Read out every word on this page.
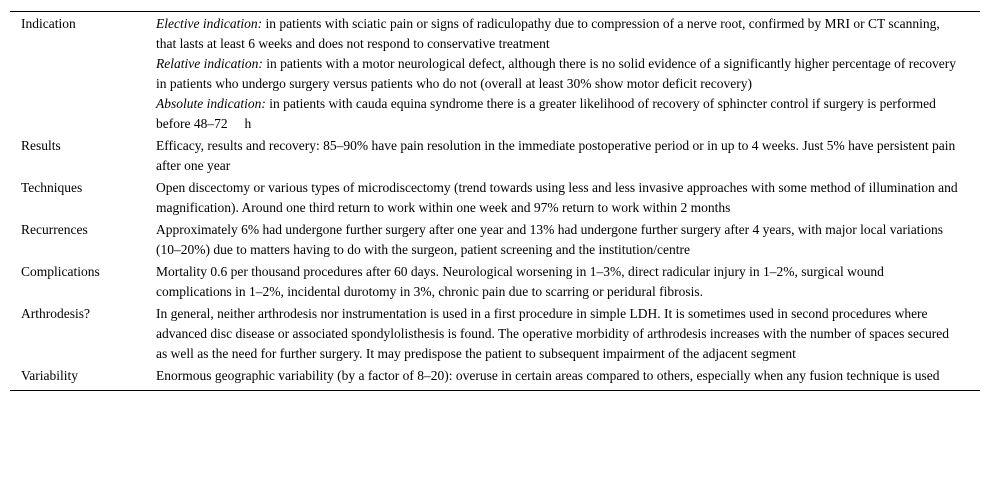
Indication	Elective indication: in patients with sciatic pain or signs of radiculopathy due to compression of a nerve root, confirmed by MRI or CT scanning, that lasts at least 6 weeks and does not respond to conservative treatment
Relative indication: in patients with a motor neurological defect, although there is no solid evidence of a significantly higher percentage of recovery in patients who undergo surgery versus patients who do not (overall at least 30% show motor deficit recovery)
Absolute indication: in patients with cauda equina syndrome there is a greater likelihood of recovery of sphincter control if surgery is performed before 48–72  h
Results	Efficacy, results and recovery: 85–90% have pain resolution in the immediate postoperative period or in up to 4 weeks. Just 5% have persistent pain after one year
Techniques	Open discectomy or various types of microdiscectomy (trend towards using less and less invasive approaches with some method of illumination and magnification). Around one third return to work within one week and 97% return to work within 2 months
Recurrences	Approximately 6% had undergone further surgery after one year and 13% had undergone further surgery after 4 years, with major local variations (10–20%) due to matters having to do with the surgeon, patient screening and the institution/centre
Complications	Mortality 0.6 per thousand procedures after 60 days. Neurological worsening in 1–3%, direct radicular injury in 1–2%, surgical wound complications in 1–2%, incidental durotomy in 3%, chronic pain due to scarring or peridural fibrosis.
Arthrodesis?	In general, neither arthrodesis nor instrumentation is used in a first procedure in simple LDH. It is sometimes used in second procedures where advanced disc disease or associated spondylolisthesis is found. The operative morbidity of arthrodesis increases with the number of spaces secured as well as the need for further surgery. It may predispose the patient to subsequent impairment of the adjacent segment
Variability	Enormous geographic variability (by a factor of 8–20): overuse in certain areas compared to others, especially when any fusion technique is used
